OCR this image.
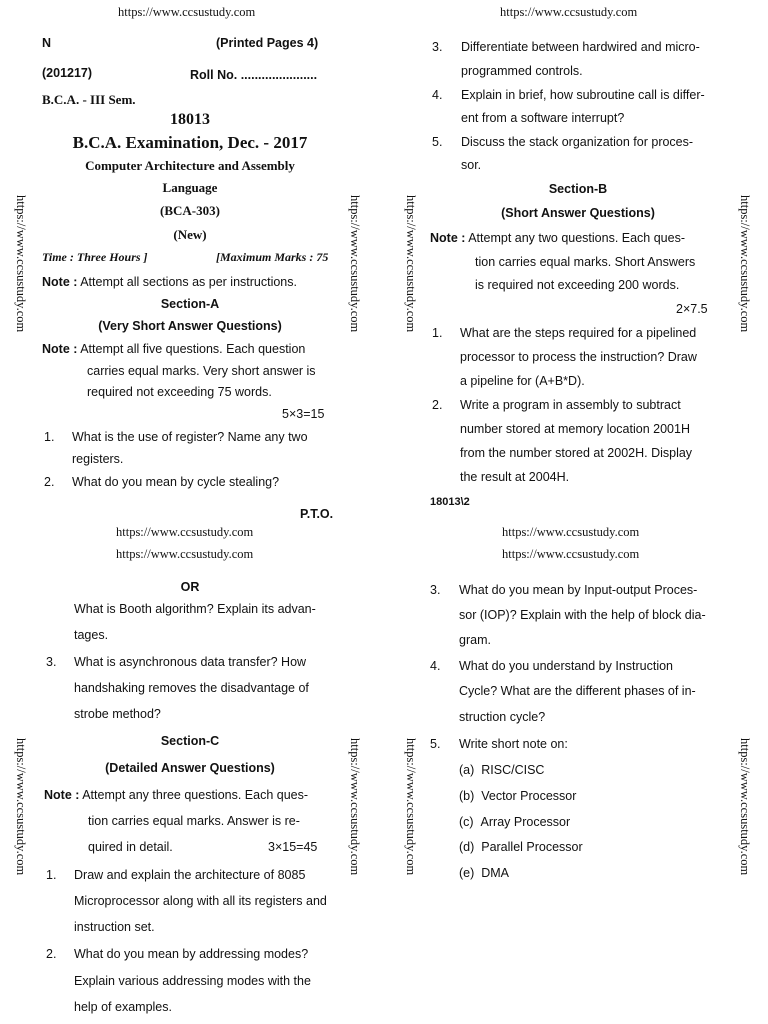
https://www.ccsustudy.com	https://www.ccsustudy.com
https://www.ccsustudy.com
https://www.ccsustudy.com
https://www.ccsustudy.com
https://www.ccsustudy.com
https://www.ccsustudy.com	https://www.ccsustudy.com	https://www.ccsustudy.com	https://www.ccsustudy.com
https://www.ccsustudy.com	https://www.ccsustudy.com	https://www.ccsustudy.com	https://www.ccsustudy.com
N	(Printed Pages 4)
(201217)	Roll No. ......................
B.C.A. - III Sem.
18013
B.C.A. Examination, Dec. - 2017
Computer Architecture and Assembly
Language
(BCA-303)
(New)
Time : Three Hours ]	[Maximum Marks : 75
Note : Attempt all sections as per instructions.
Section-A
(Very Short Answer Questions)
Note : Attempt all five questions. Each question
carries equal marks. Very short answer is
required not exceeding 75 words.
5×3=15
1. What is the use of register? Name any two
registers.
2. What do you mean by cycle stealing?
P.T.O.
3. Differentiate between hardwired and micro-
programmed controls.
4. Explain in brief, how subroutine call is differ-
ent from a software interrupt?
5. Discuss the stack organization for proces-
sor.
Section-B
(Short Answer Questions)
Note : Attempt any two questions. Each ques-
tion carries equal marks. Short Answers
is required not exceeding 200 words.
2×7.5
1. What are the steps required for a pipelined
processor to process the instruction? Draw
a pipeline for (A+B*D).
2. Write a program in assembly to subtract
number stored at memory location 2001H
from the number stored at 2002H. Display
the result at 2004H.
18013\2
OR
What is Booth algorithm? Explain its advan-
tages.
3. What is asynchronous data transfer? How
handshaking removes the disadvantage of
strobe method?
Section-C
(Detailed Answer Questions)
Note : Attempt any three questions. Each ques-
tion carries equal marks. Answer is re-
quired in detail.	3×15=45
1. Draw and explain the architecture of 8085
Microprocessor along with all its registers and
instruction set.
2. What do you mean by addressing modes?
Explain various addressing modes with the
help of examples.
3. What do you mean by Input-output Proces-
sor (IOP)? Explain with the help of block dia-
gram.
4. What do you understand by Instruction
Cycle? What are the different phases of in-
struction cycle?
5. Write short note on:
(a) RISC/CISC
(b) Vector Processor
(c) Array Processor
(d) Parallel Processor
(e) DMA
